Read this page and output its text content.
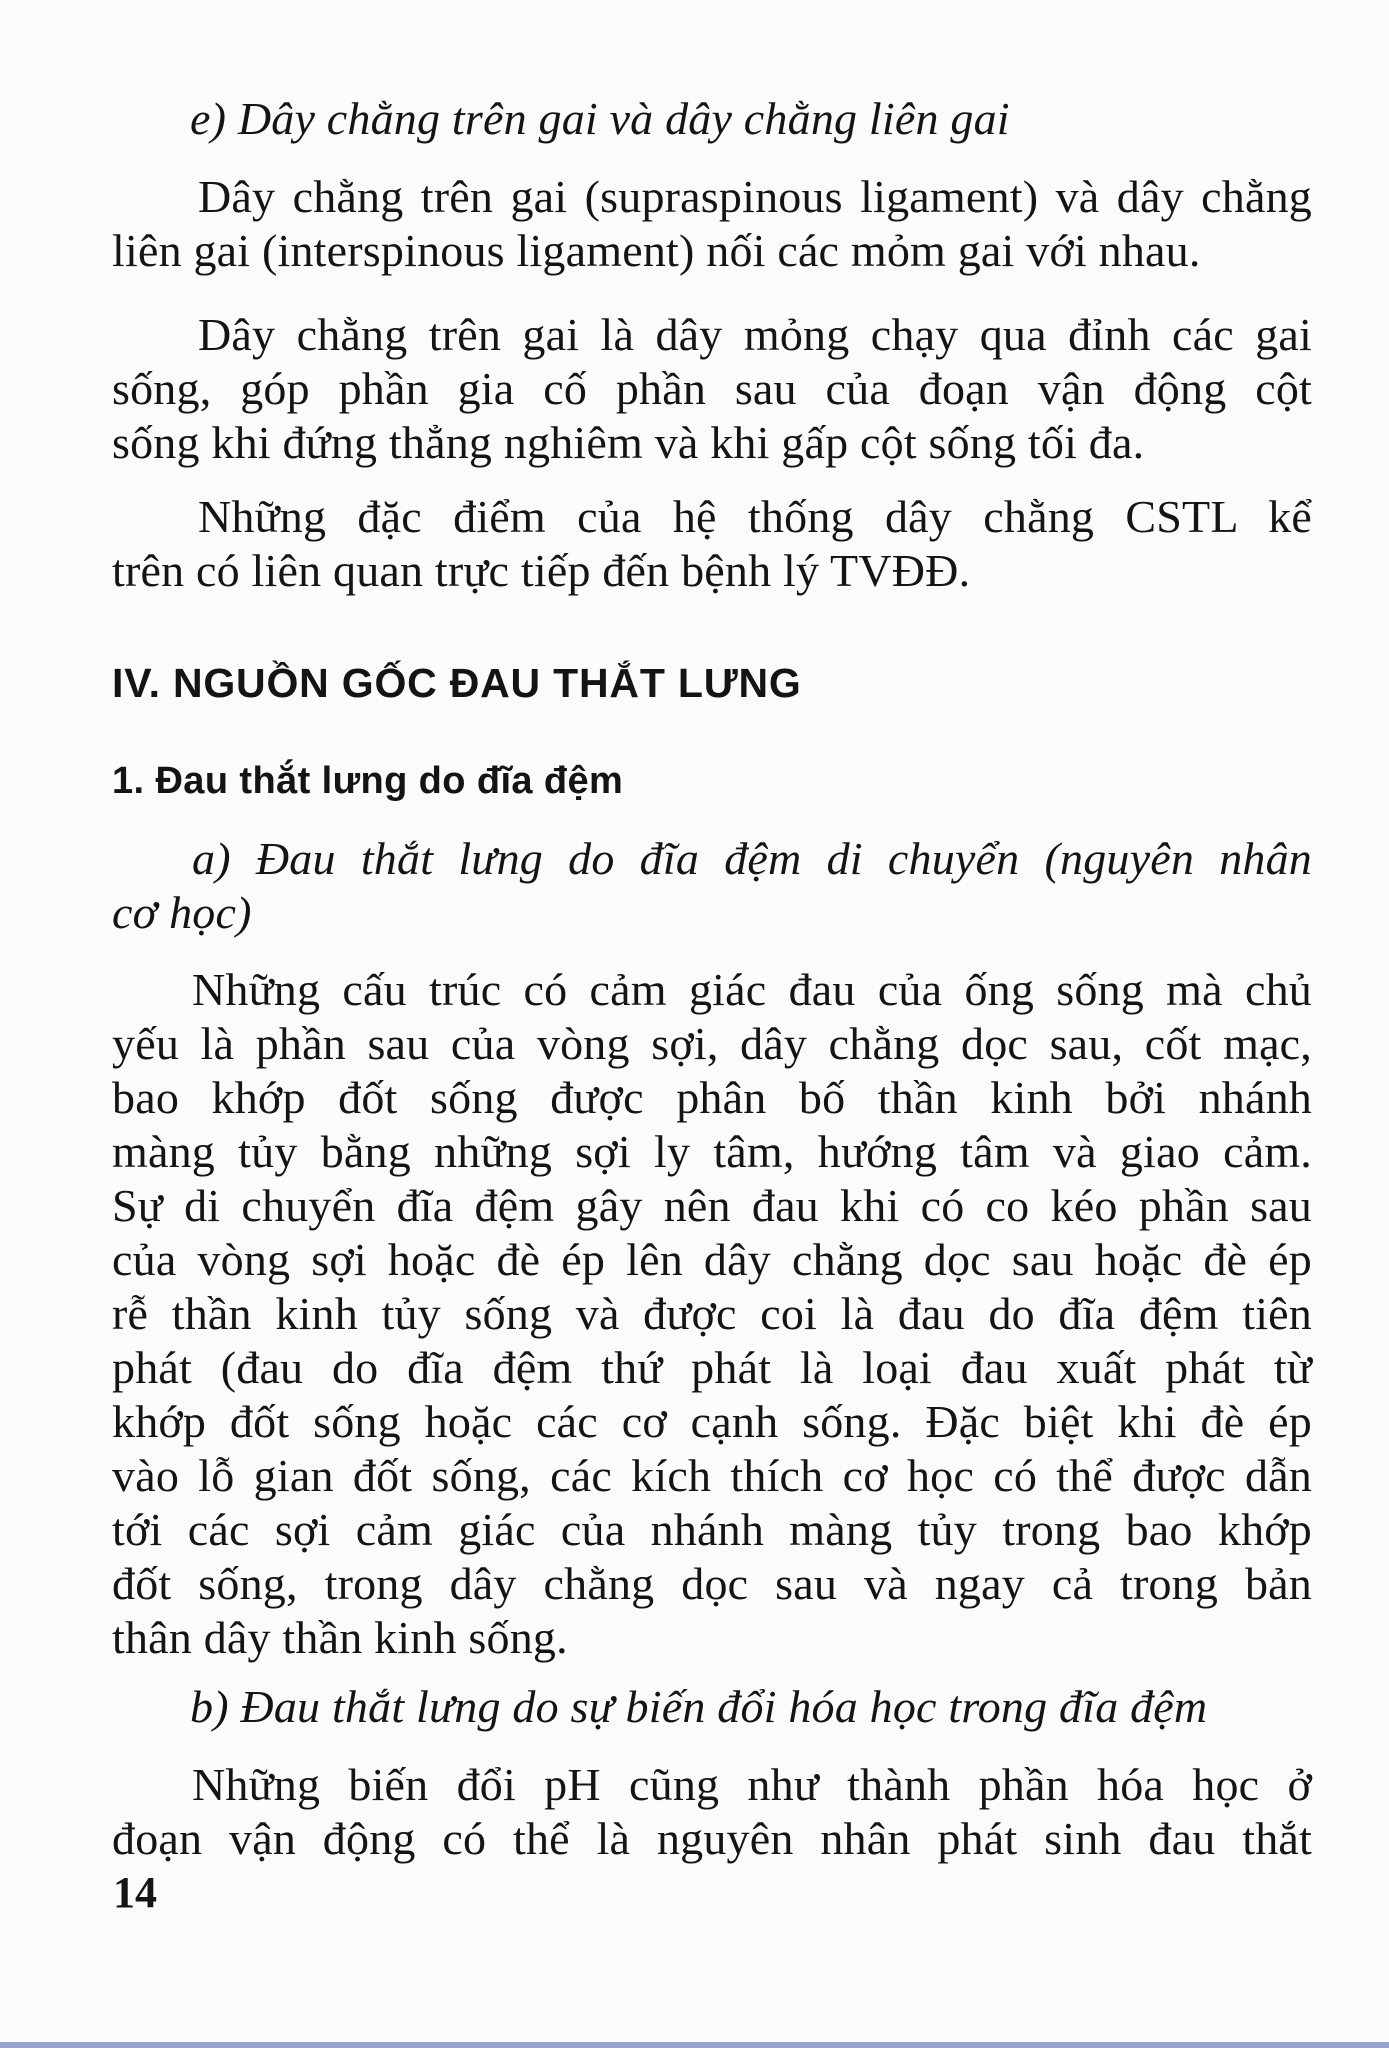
e) Dây chằng trên gai và dây chằng liên gai
Dây chằng trên gai (supraspinous ligament) và dây chằng
liên gai (interspinous ligament) nối các mỏm gai với nhau.
Dây chằng trên gai là dây mỏng chạy qua đỉnh các gai
sống, góp phần gia cố phần sau của đoạn vận động cột
sống khi đứng thẳng nghiêm và khi gấp cột sống tối đa.
Những đặc điểm của hệ thống dây chằng CSTL kể
trên có liên quan trực tiếp đến bệnh lý TVĐĐ.
IV. NGUỒN GỐC ĐAU THẮT LƯNG
1. Đau thắt lưng do đĩa đệm
a) Đau thắt lưng do đĩa đệm di chuyển (nguyên nhân
cơ học)
Những cấu trúc có cảm giác đau của ống sống mà chủ
yếu là phần sau của vòng sợi, dây chằng dọc sau, cốt mạc,
bao khớp đốt sống được phân bố thần kinh bởi nhánh
màng tủy bằng những sợi ly tâm, hướng tâm và giao cảm.
Sự di chuyển đĩa đệm gây nên đau khi có co kéo phần sau
của vòng sợi hoặc đè ép lên dây chằng dọc sau hoặc đè ép
rễ thần kinh tủy sống và được coi là đau do đĩa đệm tiên
phát (đau do đĩa đệm thứ phát là loại đau xuất phát từ
khớp đốt sống hoặc các cơ cạnh sống. Đặc biệt khi đè ép
vào lỗ gian đốt sống, các kích thích cơ học có thể được dẫn
tới các sợi cảm giác của nhánh màng tủy trong bao khớp
đốt sống, trong dây chằng dọc sau và ngay cả trong bản
thân dây thần kinh sống.
b) Đau thắt lưng do sự biến đổi hóa học trong đĩa đệm
Những biến đổi pH cũng như thành phần hóa học ở
đoạn vận động có thể là nguyên nhân phát sinh đau thắt
14
